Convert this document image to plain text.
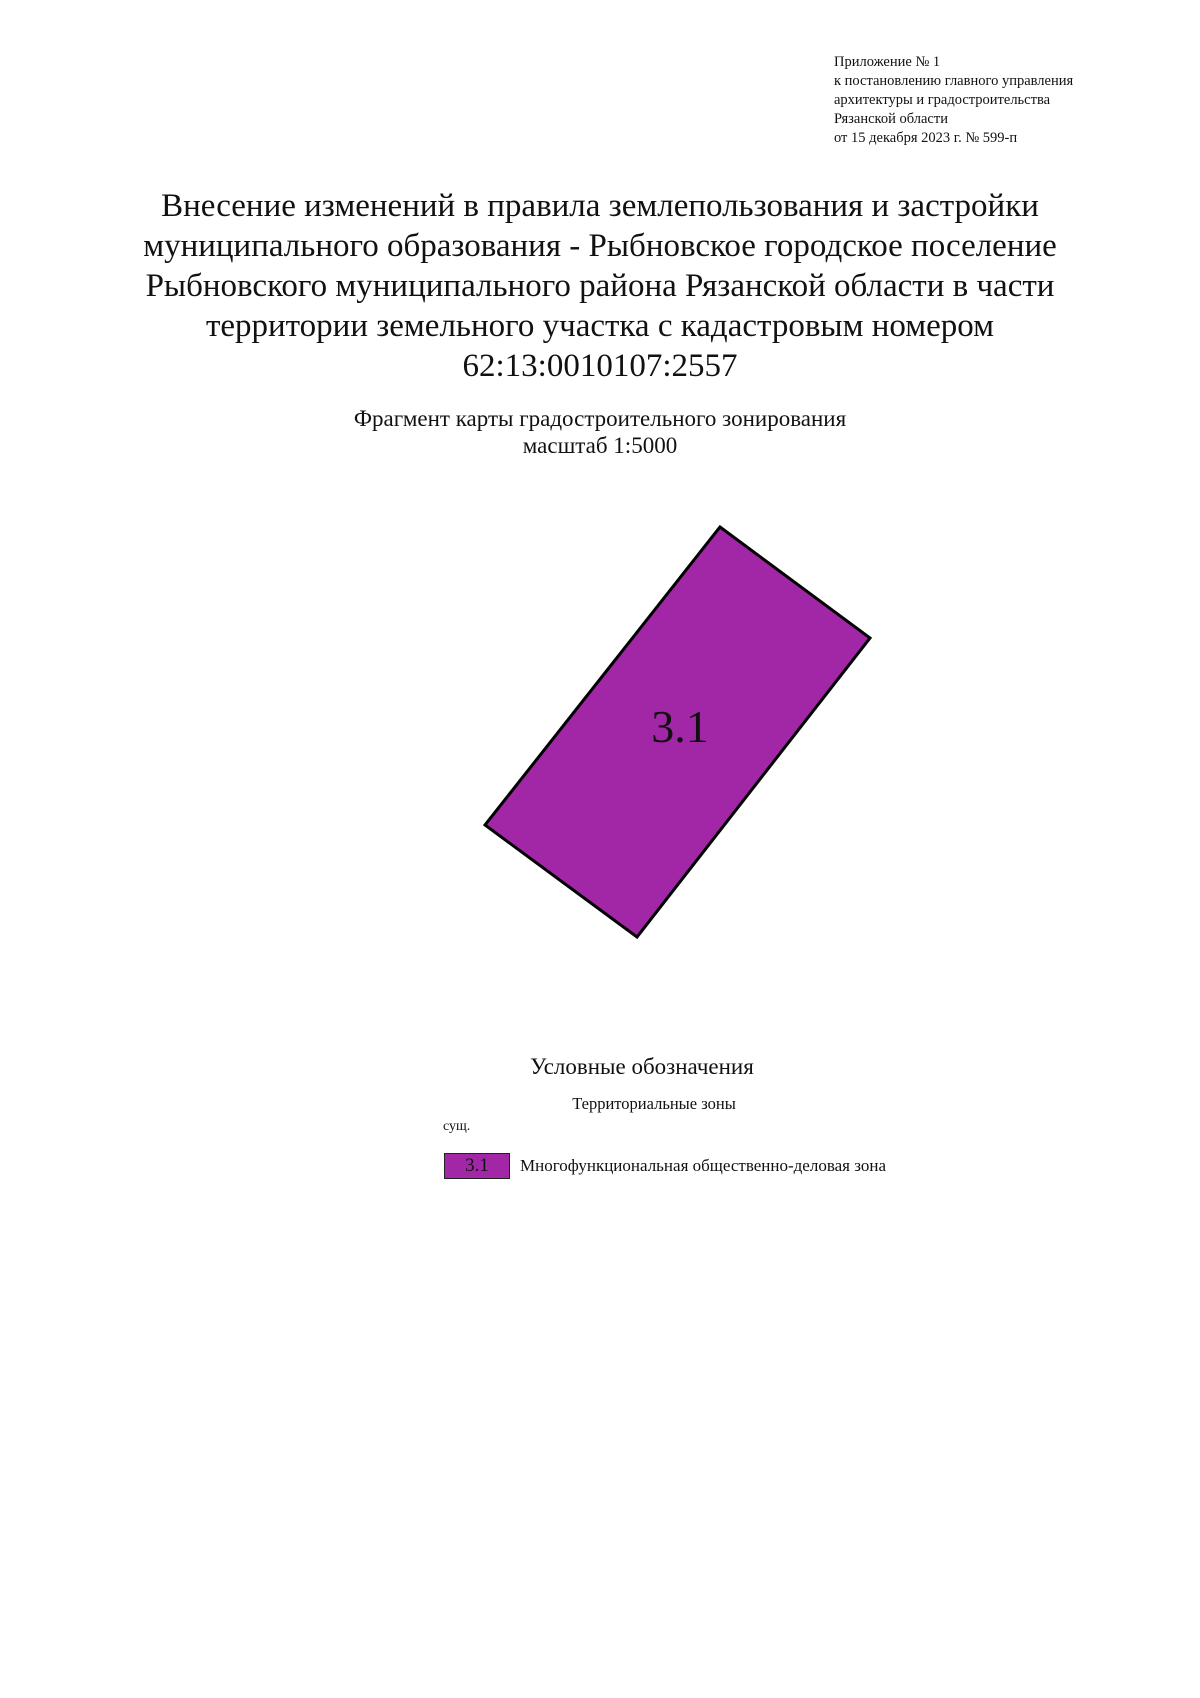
Приложение № 1
к постановлению главного управления
архитектуры и градостроительства
Рязанской области
от 15 декабря 2023 г. № 599-п
Внесение изменений в правила землепользования и застройки
муниципального образования - Рыбновское городское поселение
Рыбновского муниципального района Рязанской области в части
территории земельного участка с кадастровым номером
62:13:0010107:2557
Фрагмент карты градостроительного зонирования
масштаб 1:5000
3.1
Условные обозначения
Территориальные зоны
сущ.
3.1	Многофункциональная общественно-деловая зона
